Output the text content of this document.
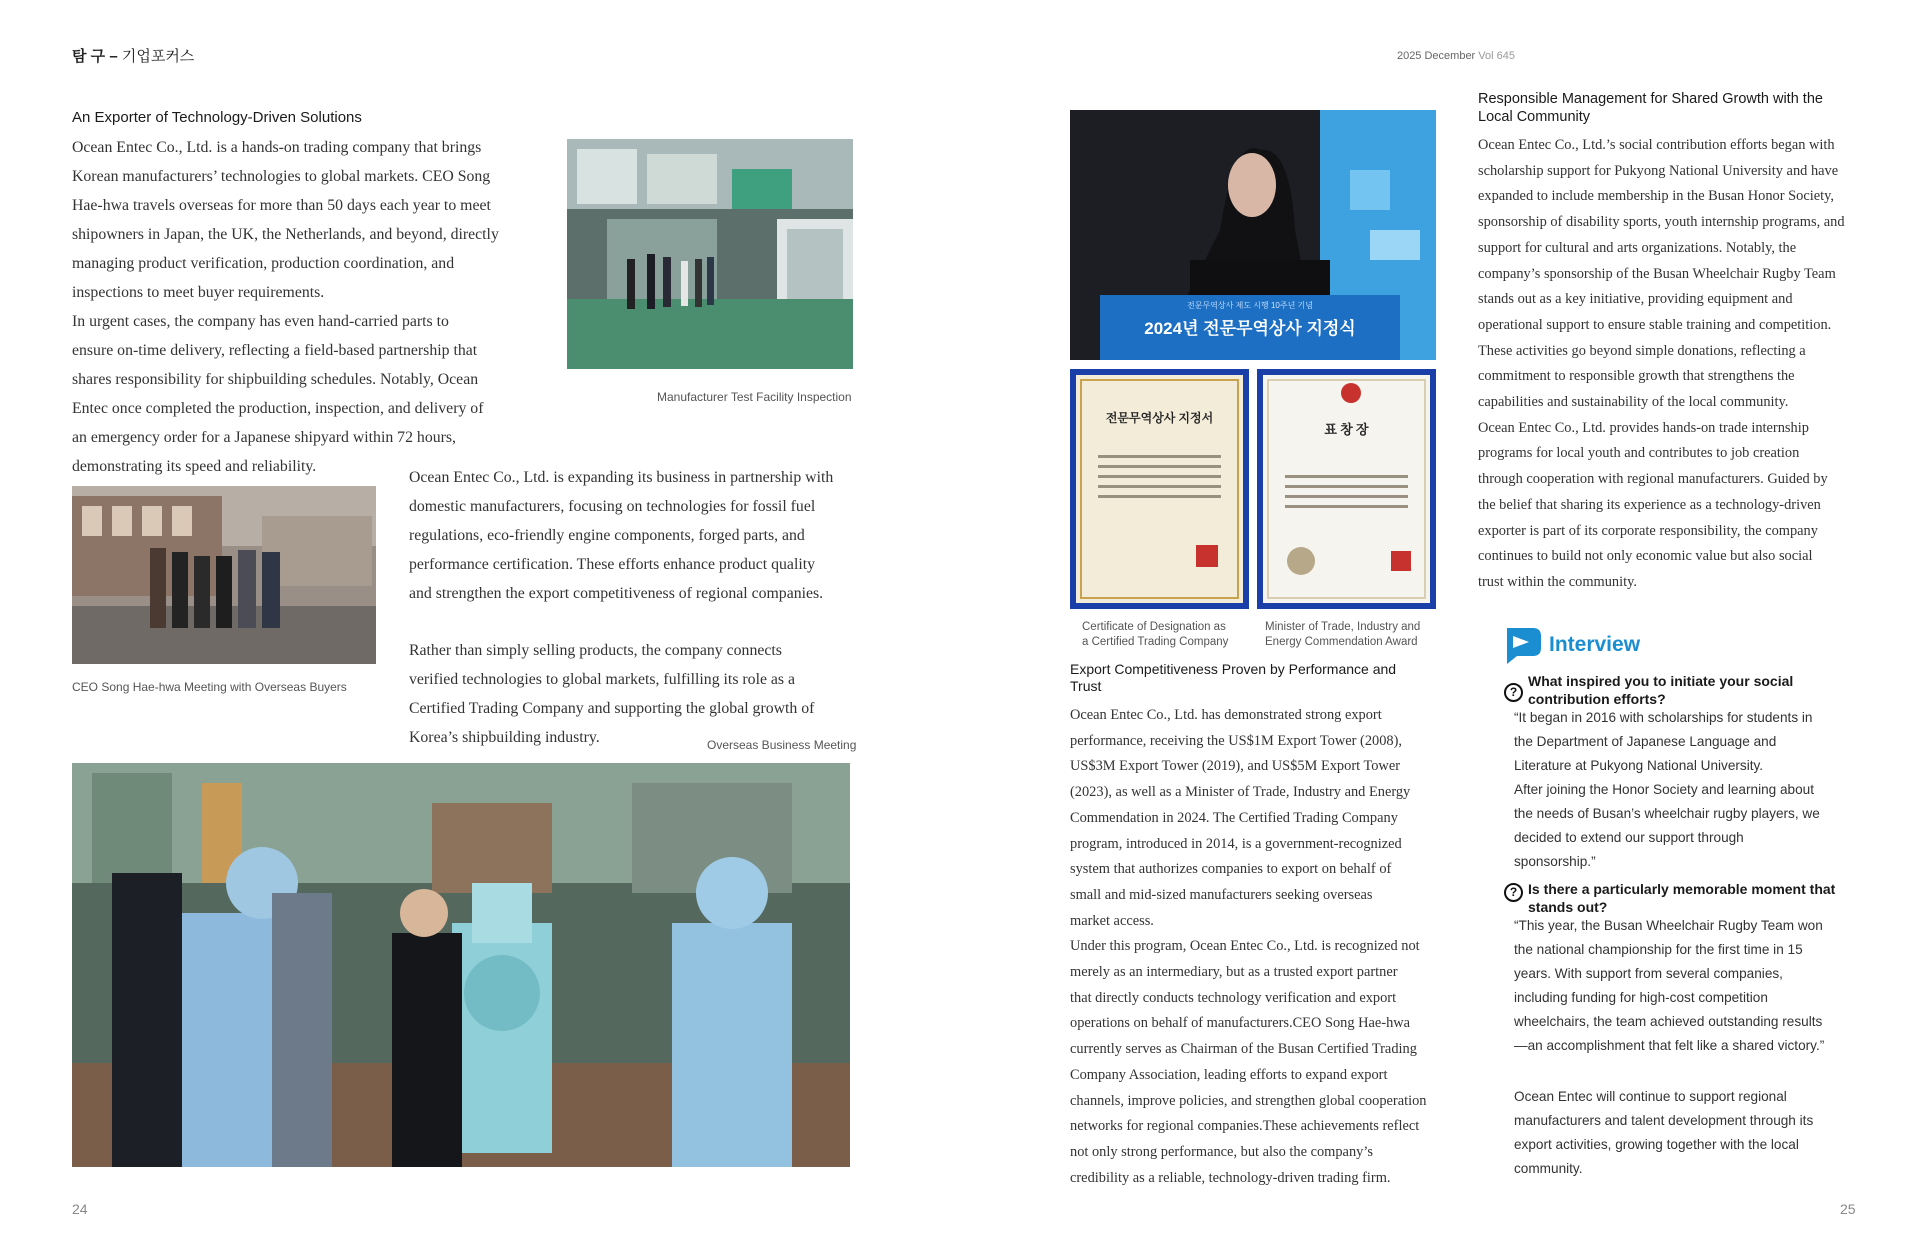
탐 구 – 기업포커스	2025 December Vol 645
An Exporter of Technology-Driven Solutions

Ocean Entec Co., Ltd. is a hands-on trading company that brings

Korean manufacturers’ technologies to global markets. CEO Song

Hae-hwa travels overseas for more than 50 days each year to meet

shipowners in Japan, the UK, the Netherlands, and beyond, directly

managing product verification, production coordination, and

inspections to meet buyer requirements.

In urgent cases, the company has even hand-carried parts to

ensure on-time delivery, reflecting a field-based partnership that

shares responsibility for shipbuilding schedules. Notably, Ocean

Entec once completed the production, inspection, and delivery of

an emergency order for a Japanese shipyard within 72 hours,

demonstrating its speed and reliability.

Manufacturer Test Facility Inspection
CEO Song Hae-hwa Meeting with Overseas Buyers

Ocean Entec Co., Ltd. is expanding its business in partnership with

domestic manufacturers, focusing on technologies for fossil fuel

regulations, eco-friendly engine components, forged parts, and

performance certification. These efforts enhance product quality

and strengthen the export competitiveness of regional companies.

Rather than simply selling products, the company connects

verified technologies to global markets, fulfilling its role as a

Certified Trading Company and supporting the global growth of

Korea’s shipbuilding industry.	Overseas Business Meeting
24
전문무역상사 제도 시행 10주년 기념
2024년 전문무역상사 지정식
전문무역상사 지정서
표 창 장
Certificate of Designation as
a Certified Trading Company
Minister of Trade, Industry and
Energy Commendation Award
Export Competitiveness Proven by Performance and
Trust
Ocean Entec Co., Ltd. has demonstrated strong export
performance, receiving the US$1M Export Tower (2008),
US$3M Export Tower (2019), and US$5M Export Tower
(2023), as well as a Minister of Trade, Industry and Energy
Commendation in 2024. The Certified Trading Company
program, introduced in 2014, is a government-recognized
system that authorizes companies to export on behalf of
small and mid-sized manufacturers seeking overseas
market access.
Under this program, Ocean Entec Co., Ltd. is recognized not
merely as an intermediary, but as a trusted export partner
that directly conducts technology verification and export
operations on behalf of manufacturers.CEO Song Hae-hwa
currently serves as Chairman of the Busan Certified Trading
Company Association, leading efforts to expand export
channels, improve policies, and strengthen global cooperation
networks for regional companies.These achievements reflect
not only strong performance, but also the company’s
credibility as a reliable, technology-driven trading firm.
Responsible Management for Shared Growth with the
Local Community
Ocean Entec Co., Ltd.’s social contribution efforts began with
scholarship support for Pukyong National University and have
expanded to include membership in the Busan Honor Society,
sponsorship of disability sports, youth internship programs, and
support for cultural and arts organizations. Notably, the
company’s sponsorship of the Busan Wheelchair Rugby Team
stands out as a key initiative, providing equipment and
operational support to ensure stable training and competition.
These activities go beyond simple donations, reflecting a
commitment to responsible growth that strengthens the
capabilities and sustainability of the local community.
Ocean Entec Co., Ltd. provides hands-on trade internship
programs for local youth and contributes to job creation
through cooperation with regional manufacturers. Guided by
the belief that sharing its experience as a technology-driven
exporter is part of its corporate responsibility, the company
continues to build not only economic value but also social
trust within the community.
Interview
?
What inspired you to initiate your social
contribution efforts?
“It began in 2016 with scholarships for students in
the Department of Japanese Language and
Literature at Pukyong National University.
After joining the Honor Society and learning about
the needs of Busan’s wheelchair rugby players, we
decided to extend our support through
sponsorship.”
? Is there a particularly memorable moment that
stands out?
“This year, the Busan Wheelchair Rugby Team won
the national championship for the first time in 15
years. With support from several companies,
including funding for high-cost competition
wheelchairs, the team achieved outstanding results
—an accomplishment that felt like a shared victory.”
Ocean Entec will continue to support regional
manufacturers and talent development through its
export activities, growing together with the local
community.
25
